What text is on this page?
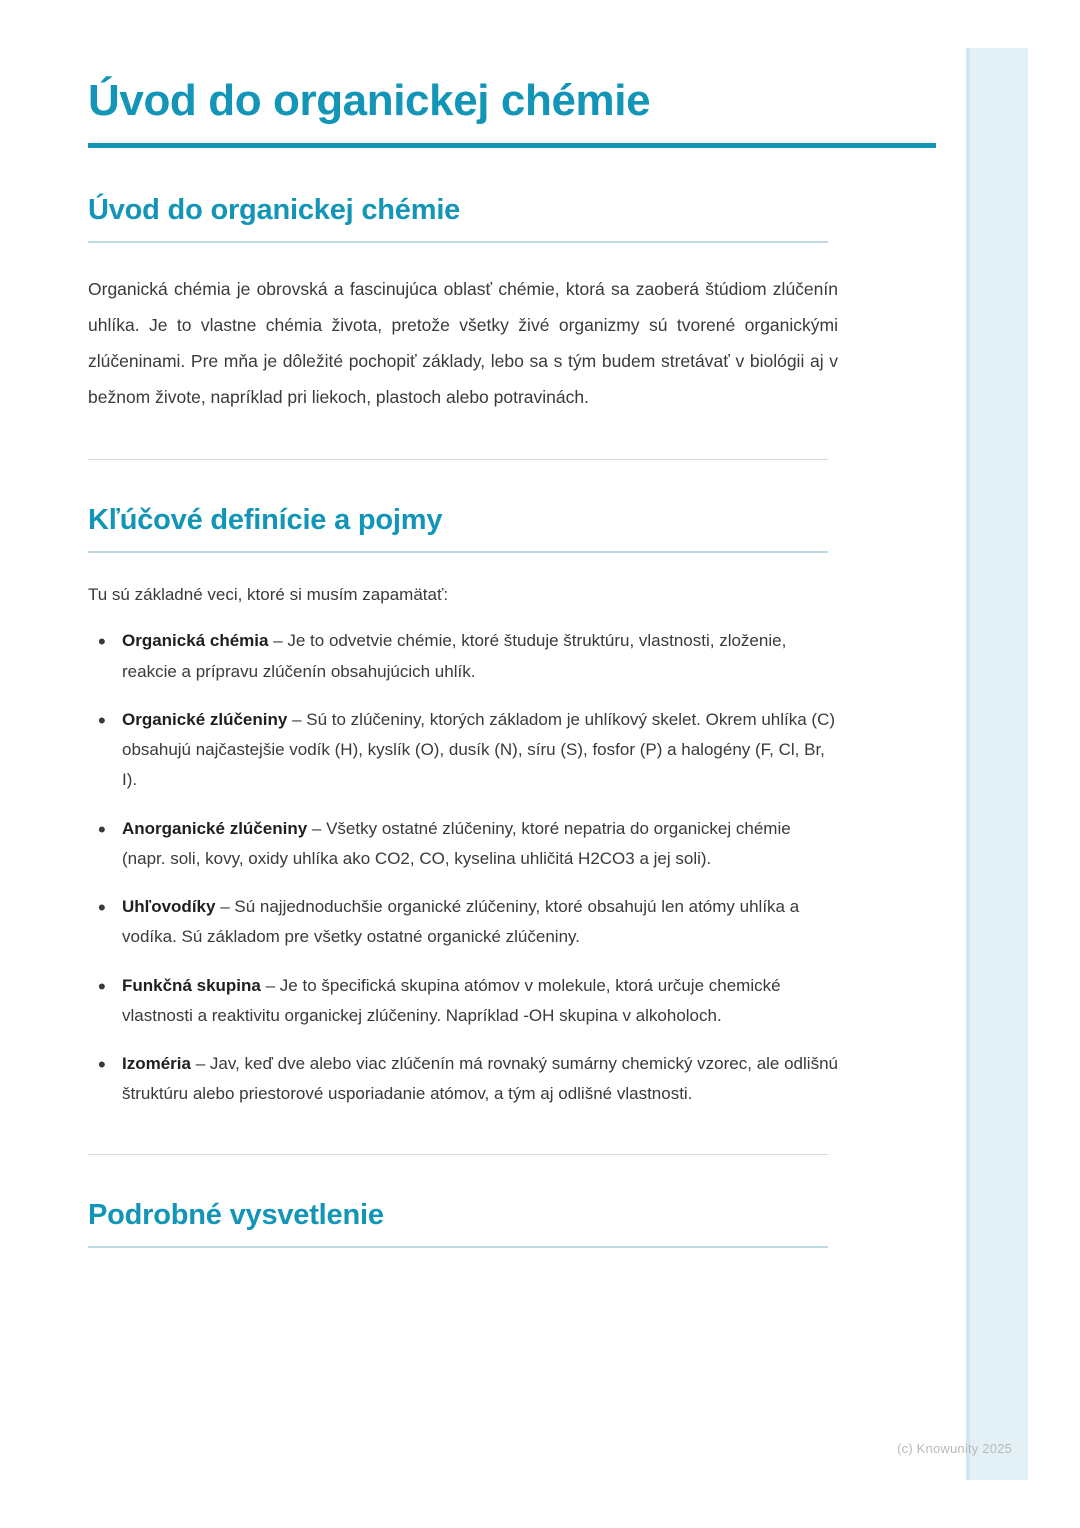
Úvod do organickej chémie
Úvod do organickej chémie

Organická chémia je obrovská a fascinujúca oblasť chémie, ktorá sa zaoberá štúdiom zlúčenín uhlíka. Je to vlastne chémia života, pretože všetky živé organizmy sú tvorené organickými zlúčeninami. Pre mňa je dôležité pochopiť základy, lebo sa s tým budem stretávať v biológii aj v bežnom živote, napríklad pri liekoch, plastoch alebo potravinách.

Kľúčové definície a pojmy

Tu sú základné veci, ktoré si musím zapamätať:

• Organická chémia – Je to odvetvie chémie, ktoré študuje štruktúru, vlastnosti, zloženie, reakcie a prípravu zlúčenín obsahujúcich uhlík.
• Organické zlúčeniny – Sú to zlúčeniny, ktorých základom je uhlíkový skelet. Okrem uhlíka (C) obsahujú najčastejšie vodík (H), kyslík (O), dusík (N), síru (S), fosfor (P) a halogény (F, Cl, Br, I).
• Anorganické zlúčeniny – Všetky ostatné zlúčeniny, ktoré nepatria do organickej chémie (napr. soli, kovy, oxidy uhlíka ako CO2, CO, kyselina uhličitá H2CO3 a jej soli).
• Uhľovodíky – Sú najjednoduchšie organické zlúčeniny, ktoré obsahujú len atómy uhlíka a vodíka. Sú základom pre všetky ostatné organické zlúčeniny.
• Funkčná skupina – Je to špecifická skupina atómov v molekule, ktorá určuje chemické vlastnosti a reaktivitu organickej zlúčeniny. Napríklad -OH skupina v alkoholoch.
• Izoméria – Jav, keď dve alebo viac zlúčenín má rovnaký sumárny chemický vzorec, ale odlišnú štruktúru alebo priestorové usporiadanie atómov, a tým aj odlišné vlastnosti.
Podrobné vysvetlenie
(c) Knowunity 2025
